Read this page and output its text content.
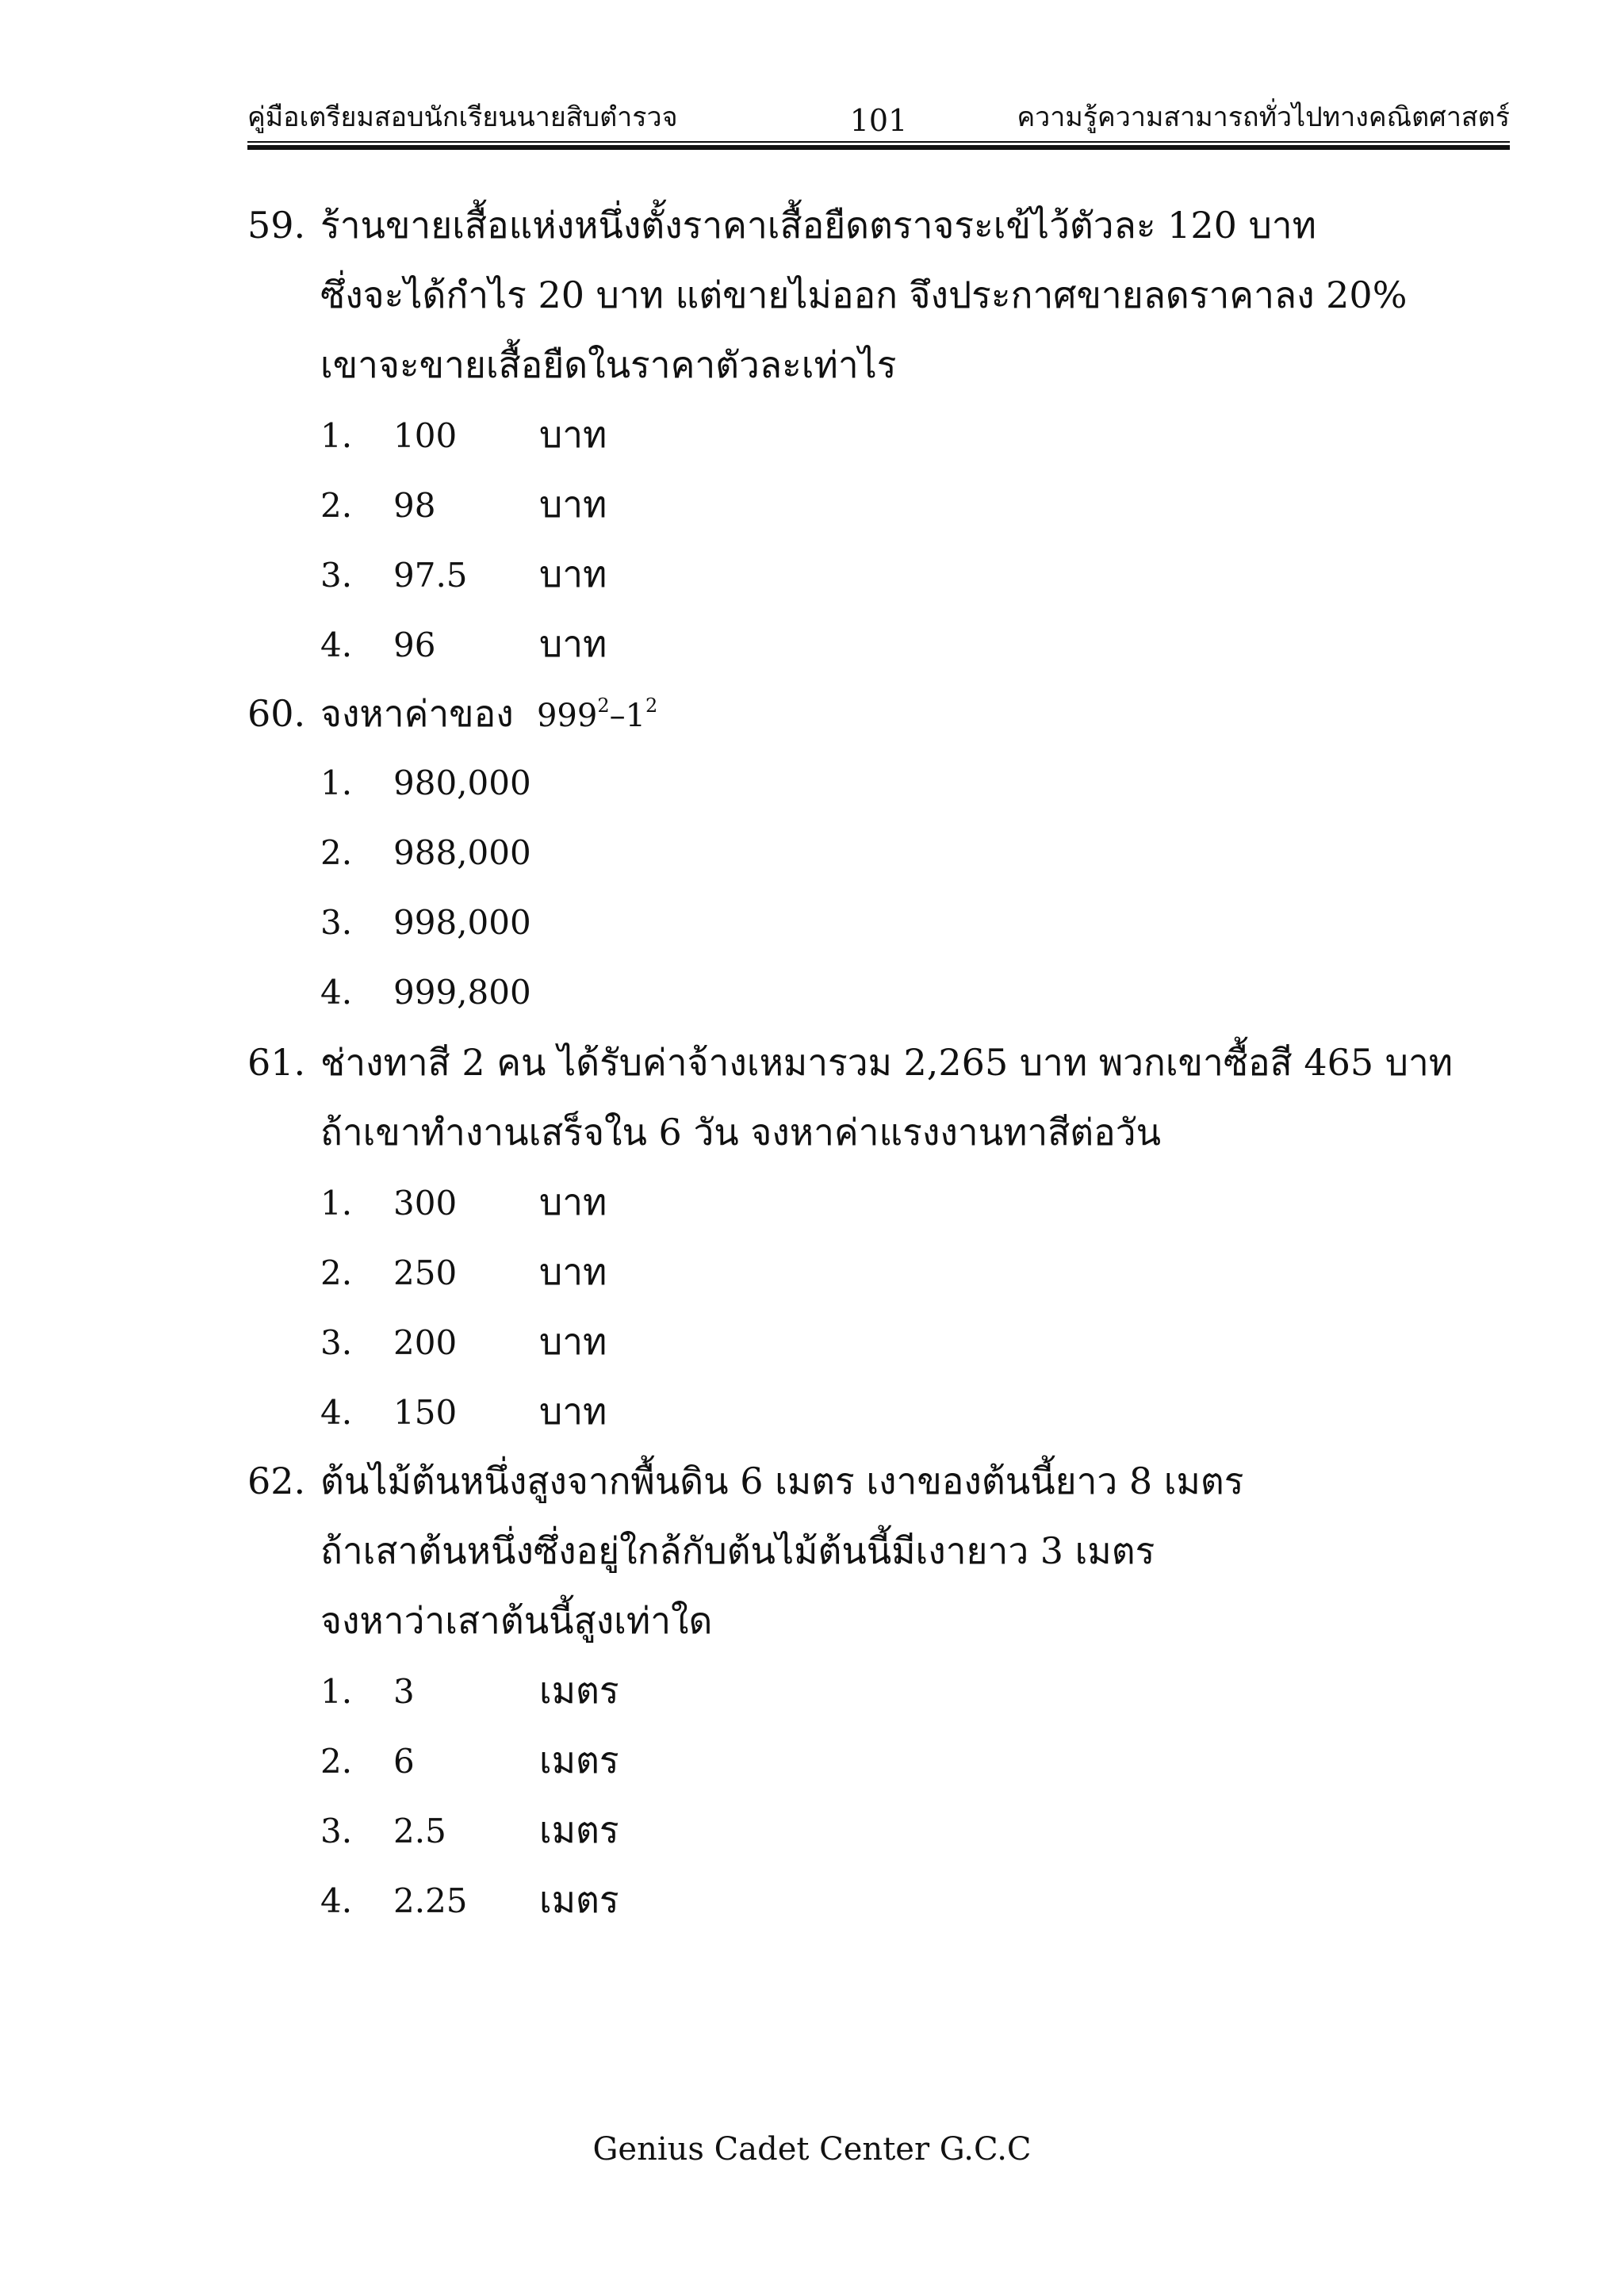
คู่มือเตรียมสอบนักเรียนนายสิบตำรวจ	101	ความรู้ความสามารถทั่วไปทางคณิตศาสตร์
59. ร้านขายเสื้อแห่งหนึ่งตั้งราคาเสื้อยืดตราจระเข้ไว้ตัวละ 120 บาท
ซึ่งจะได้กำไร 20 บาท แต่ขายไม่ออก จึงประกาศขายลดราคาลง 20%
เขาจะขายเสื้อยืดในราคาตัวละเท่าไร
1. 100 บาท
2. 98	บาท
3. 97.5 บาท
4. 96	บาท
60. จงหาค่าของ $999^2-1^2$
1. 980,000
2. 988,000
3. 998,000
4. 999,800
61. ช่างทาสี 2 คน ได้รับค่าจ้างเหมารวม 2,265 บาท พวกเขาซื้อสี 465 บาท
ถ้าเขาทำงานเสร็จใน 6 วัน จงหาค่าแรงงานทาสีต่อวัน
1. 300 บาท
2. 250 บาท
3. 200 บาท
4. 150 บาท
62. ต้นไม้ต้นหนึ่งสูงจากพื้นดิน 6 เมตร เงาของต้นนี้ยาว 8 เมตร
ถ้าเสาต้นหนึ่งซึ่งอยู่ใกล้กับต้นไม้ต้นนี้มีเงายาว 3 เมตร
จงหาว่าเสาต้นนี้สูงเท่าใด
1. 3	เมตร
2. 6	เมตร
3. 2.5	เมตร
4. 2.25 เมตร
Genius Cadet Center G.C.C
